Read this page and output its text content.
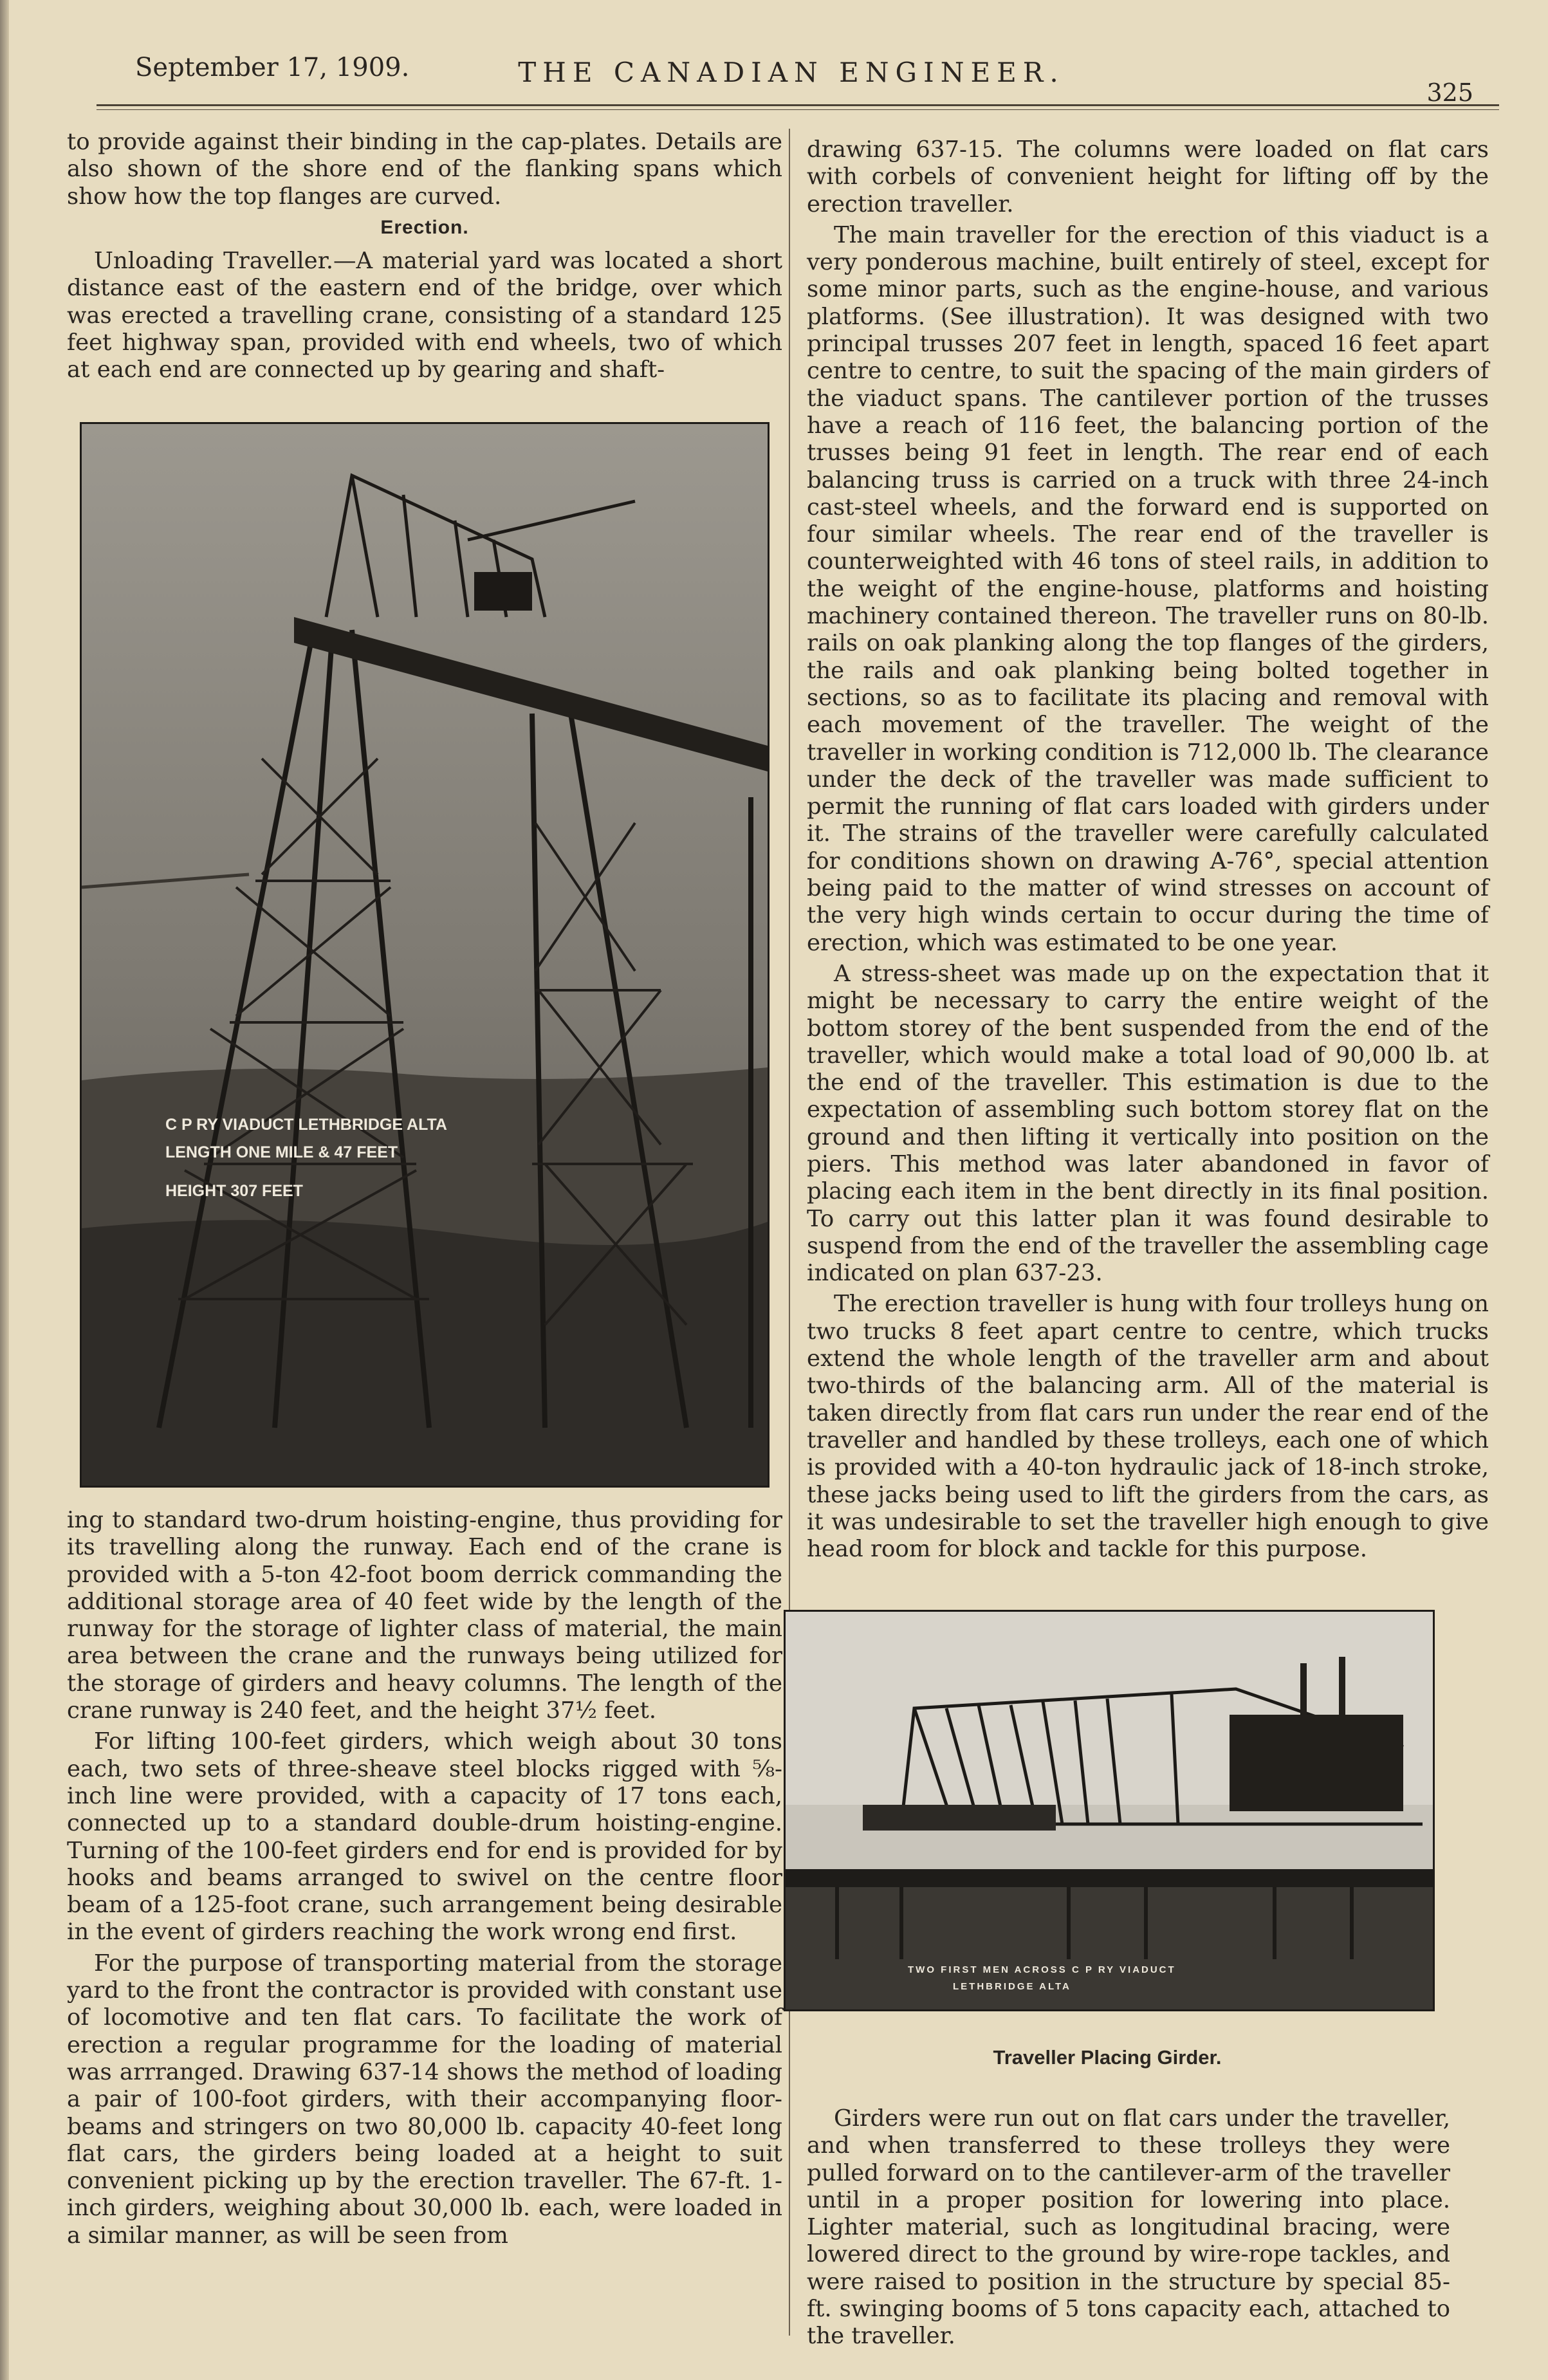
September 17, 1909.	THE CANADIAN ENGINEER.
325

to provide against their binding in the cap-plates. Details are also shown of the shore end of the flanking spans which show how the top flanges are curved.

Erection.

Unloading Traveller.—A material yard was located a short distance east of the eastern end of the bridge, over which was erected a travelling crane, consisting of a standard 125 feet highway span, provided with end wheels, two of which at each end are connected up by gearing and shaft-

C P RY VIADUCT LETHBRIDGE ALTA
LENGTH ONE MILE & 47 FEET
HEIGHT 307 FEET

ing to standard two-drum hoisting-engine, thus providing for its travelling along the runway. Each end of the crane is provided with a 5-ton 42-foot boom derrick commanding the additional storage area of 40 feet wide by the length of the runway for the storage of lighter class of material, the main area between the crane and the runways being utilized for the storage of girders and heavy columns. The length of the crane runway is 240 feet, and the height 37½ feet.

For lifting 100-feet girders, which weigh about 30 tons each, two sets of three-sheave steel blocks rigged with ⅝-inch line were provided, with a capacity of 17 tons each, connected up to a standard double-drum hoisting-engine. Turning of the 100-feet girders end for end is provided for by hooks and beams arranged to swivel on the centre floor beam of a 125-foot crane, such arrangement being desirable in the event of girders reaching the work wrong end first.

For the purpose of transporting material from the storage yard to the front the contractor is provided with constant use of locomotive and ten flat cars. To facilitate the work of erection a regular programme for the loading of material was arrranged. Drawing 637-14 shows the method of loading a pair of 100-foot girders, with their accompanying floor-beams and stringers on two 80,000 lb. capacity 40-feet long flat cars, the girders being loaded at a height to suit convenient picking up by the erection traveller. The 67-ft. 1-inch girders, weighing about 30,000 lb. each, were loaded in a similar manner, as will be seen from

drawing 637-15. The columns were loaded on flat cars with corbels of convenient height for lifting off by the erection traveller.

The main traveller for the erection of this viaduct is a very ponderous machine, built entirely of steel, except for some minor parts, such as the engine-house, and various platforms. (See illustration). It was designed with two principal trusses 207 feet in length, spaced 16 feet apart centre to centre, to suit the spacing of the main girders of the viaduct spans. The cantilever portion of the trusses have a reach of 116 feet, the balancing portion of the trusses being 91 feet in length. The rear end of each balancing truss is carried on a truck with three 24-inch cast-steel wheels, and the forward end is supported on four similar wheels. The rear end of the traveller is counterweighted with 46 tons of steel rails, in addition to the weight of the engine-house, platforms and hoisting machinery contained thereon. The traveller runs on 80-lb. rails on oak planking along the top flanges of the girders, the rails and oak planking being bolted together in sections, so as to facilitate its placing and removal with each movement of the traveller. The weight of the traveller in working condition is 712,000 lb. The clearance under the deck of the traveller was made sufficient to permit the running of flat cars loaded with girders under it. The strains of the traveller were carefully calculated for conditions shown on drawing A-76°, special attention being paid to the matter of wind stresses on account of the very high winds certain to occur during the time of erection, which was estimated to be one year.

A stress-sheet was made up on the expectation that it might be necessary to carry the entire weight of the bottom storey of the bent suspended from the end of the traveller, which would make a total load of 90,000 lb. at the end of the traveller. This estimation is due to the expectation of assembling such bottom storey flat on the ground and then lifting it vertically into position on the piers. This method was later abandoned in favor of placing each item in the bent directly in its final position. To carry out this latter plan it was found desirable to suspend from the end of the traveller the assembling cage indicated on plan 637-23.

The erection traveller is hung with four trolleys hung on two trucks 8 feet apart centre to centre, which trucks extend the whole length of the traveller arm and about two-thirds of the balancing arm. All of the material is taken directly from flat cars run under the rear end of the traveller and handled by these trolleys, each one of which is provided with a 40-ton hydraulic jack of 18-inch stroke, these jacks being used to lift the girders from the cars, as it was undesirable to set the traveller high enough to give head room for block and tackle for this purpose.

TWO FIRST MEN ACROSS C P RY VIADUCT
LETHBRIDGE ALTA
Traveller Placing Girder.

Girders were run out on flat cars under the traveller, and when transferred to these trolleys they were pulled forward on to the cantilever-arm of the traveller until in a proper position for lowering into place. Lighter material, such as longitudinal bracing, were lowered direct to the ground by wire-rope tackles, and were raised to position in the structure by special 85-ft. swinging booms of 5 tons capacity each, attached to the traveller.
